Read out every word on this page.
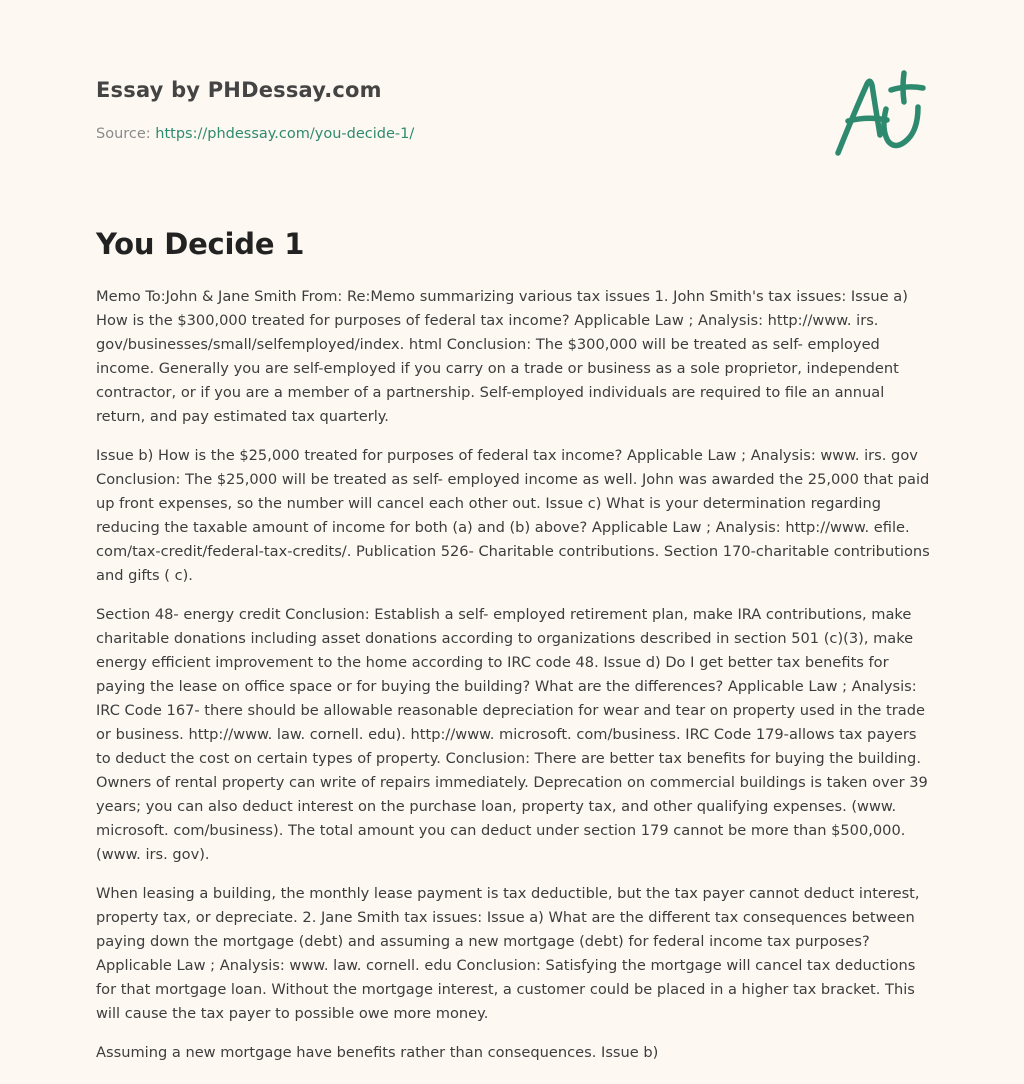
Essay by PHDessay.com
Source: https://phdessay.com/you-decide-1/
You Decide 1

Memo To:John & Jane Smith From: Re:Memo summarizing various tax issues 1. John Smith's tax issues: Issue a) How is the $300,000 treated for purposes of federal tax income? Applicable Law ; Analysis: http://www. irs. gov/businesses/small/selfemployed/index. html Conclusion: The $300,000 will be treated as self- employed income. Generally you are self-employed if you carry on a trade or business as a sole proprietor, independent contractor, or if you are a member of a partnership. Self-employed individuals are required to file an annual return, and pay estimated tax quarterly.

Issue b) How is the $25,000 treated for purposes of federal tax income? Applicable Law ; Analysis: www. irs. gov Conclusion: The $25,000 will be treated as self- employed income as well. John was awarded the 25,000 that paid up front expenses, so the number will cancel each other out. Issue c) What is your determination regarding reducing the taxable amount of income for both (a) and (b) above? Applicable Law ; Analysis: http://www. efile. com/tax-credit/federal-tax-credits/. Publication 526- Charitable contributions. Section 170-charitable contributions and gifts ( c).

Section 48- energy credit Conclusion: Establish a self- employed retirement plan, make IRA contributions, make charitable donations including asset donations according to organizations described in section 501 (c)(3), make energy efficient improvement to the home according to IRC code 48. Issue d) Do I get better tax benefits for paying the lease on office space or for buying the building? What are the differences? Applicable Law ; Analysis: IRC Code 167- there should be allowable reasonable depreciation for wear and tear on property used in the trade or business. http://www. law. cornell. edu). http://www. microsoft. com/business. IRC Code 179-allows tax payers to deduct the cost on certain types of property. Conclusion: There are better tax benefits for buying the building. Owners of rental property can write of repairs immediately. Deprecation on commercial buildings is taken over 39 years; you can also deduct interest on the purchase loan, property tax, and other qualifying expenses. (www. microsoft. com/business). The total amount you can deduct under section 179 cannot be more than $500,000. (www. irs. gov).

When leasing a building, the monthly lease payment is tax deductible, but the tax payer cannot deduct interest, property tax, or depreciate. 2. Jane Smith tax issues: Issue a) What are the different tax consequences between paying down the mortgage (debt) and assuming a new mortgage (debt) for federal income tax purposes? Applicable Law ; Analysis: www. law. cornell. edu Conclusion: Satisfying the mortgage will cancel tax deductions for that mortgage loan. Without the mortgage interest, a customer could be placed in a higher tax bracket. This will cause the tax payer to possible owe more money.

Assuming a new mortgage have benefits rather than consequences. Issue b)
